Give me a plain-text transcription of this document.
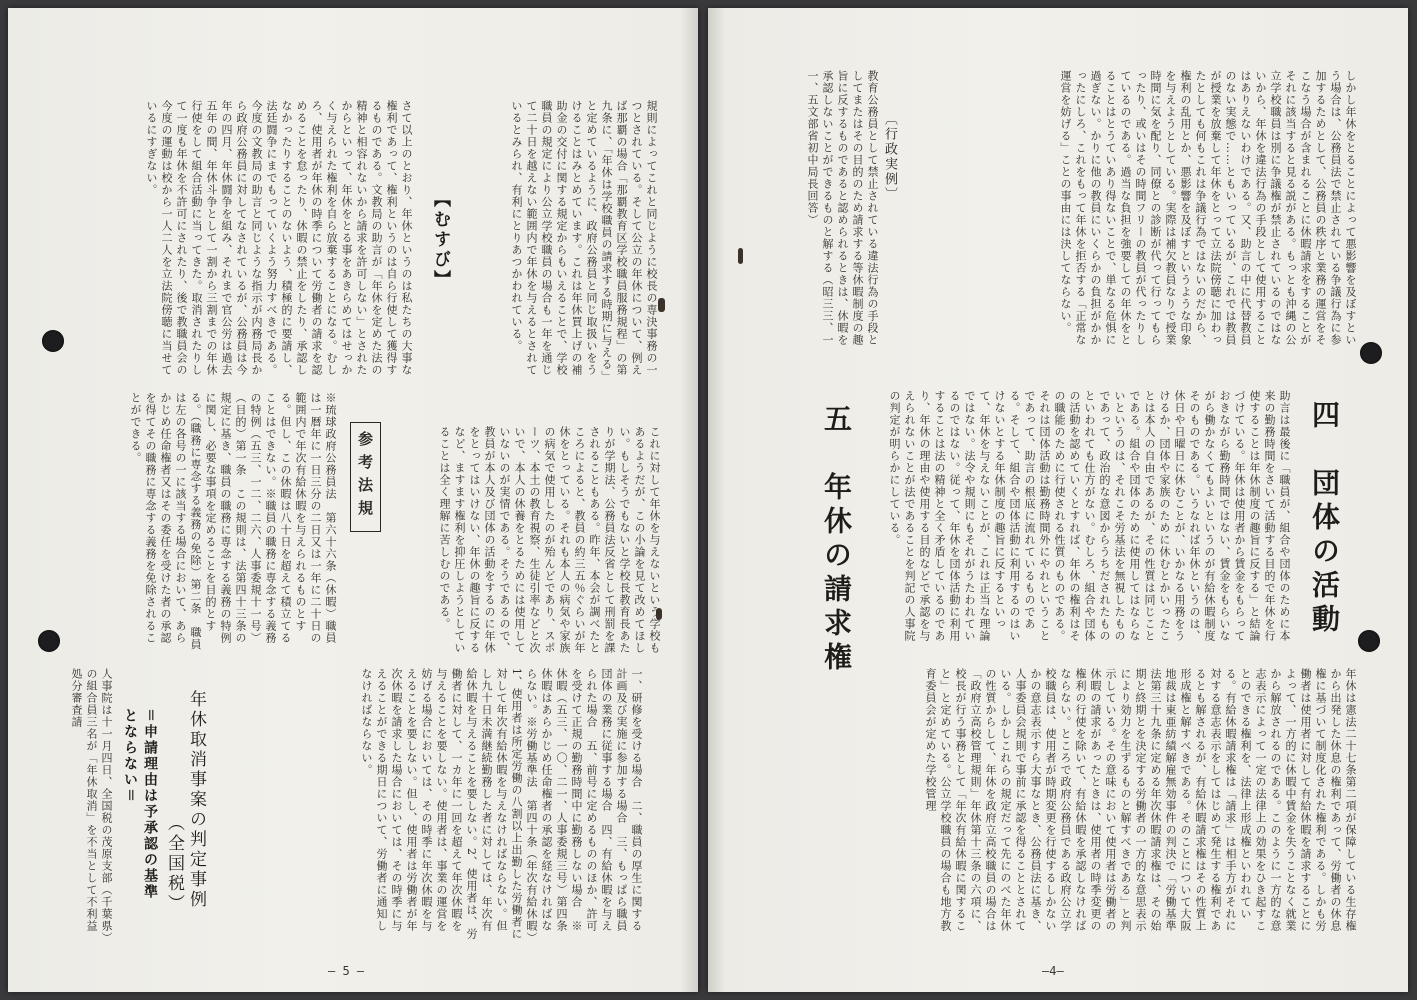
規則によってこれと同じように校長の専決事務の一つとされている。そして公立の年休について、例えば那覇の場合「那覇教育区学校職員服務規程」の第九条に、「年休は学校職員の請求する時期に与える」と定めているように、政府公務員と同じ取扱いをうけることはみとめています。これは年休買上げの補助金の交付に関する規定からもいえることで、学校職員の規定により公立学校職員の場合も一年を通じて二十日を越えない範囲内で年休を与えるとされているとみられ、有利にとりあつかわれている。
【むすび】
さて以上のとおり、年休というのは私たちの大事な権利であって、権利というのは自ら行使して獲得するものである。文教局の助言が「年休を定めた法の精神と相容れないから請求を許可しない」とされたからといって、年休をとる事をあきらめてはせっかく与えられた権利を自ら放棄することになる。むしろ、使用者が年休の時季について労働者の請求を認めることを怠ったり、休暇の禁止をしたり、承認しなかったりすることのないよう、積極的に要請し、法廷闘争にまでもっていくよう努力すべきである。今度の文教局の助言と同じような指示が内務局長から政府公務員に対してなされているが、公務員は今年の四月、年休闘争を組み、それまで官公労は過去五年の間、年休斗争として一割から三割までの年休行使をして組合活動に当ってきた。取消されたりして一度も年休を不許可にされたり、後で教職員会の今度の運動は校から一人二人を立法院傍聴に当せているにすぎない。
これに対して年休を与えないという学校もあるようだが、この小論を見て改めてほしい。もしそうでもないと学校長教育長あたりが学期法、公務員法反省として刑罰を課されることもある。昨年、本会が調べたところによると、教員の約三五％ぐらいが年休をとっている。それも本人の病気や家族の病気で使用したのが殆んどであり、スポーツ、本土の教育視察、生徒引率などと次いで、本人の休養をとるためには使用していないのが実情である。そうであるので、教員が本人及び団体の活動をするのに年休をとってはいけない、年休の趣旨に反するなど、ますます権利を抑圧しようとしていることは全く理解に苦しむのである。
参考法規
※琉球政府公務員法　第六十六条（休暇）職員は一暦年に一日三分の二日又は一年に二十日の範囲内で年次有給休暇を与えられるものとする。但し、この休暇は八十日を超えて積立てることはできない。※職員の職務に専念する義務の特例（五三、一二、二六、人事委規十一号）（目的）第一条　この規則は、法第四十三条の規定に基き、職員の職務に専念する義務の特例に関し、必要な事項を定めることを目的とする。（職務に専念する義務の免除）第二条　職員は左の各号の一に該当する場合において、あらかじめ任命権者又はその委任を受けた者の承認を得てその職務に専念する義務を免除されることができる。
一、研修を受ける場合　二、職員の厚生に関する計画及び実施に参加する場合　三、もっぱら職員団体の業務に従事する場合　四、有給休暇を与えられた場合　五、前号に定めるもののほか、許可を受けて正規の勤務時間中に勤務しない場合　※休暇（五三、一〇、二一、人事委規三号）第四条　休暇はあらかじめ任命権者の承認を経なければならない。※労働基準法　第四十条（年次有給休暇）1、使用者は所定労働の八割以上出勤した労働者に対して年次有給休暇を与えなければならない。但し九十日未満継続勤務した者に対しては、年次有給休暇を与えることを要しない。2、使用者は、労働者に対して、一カ年に一回を超えて年次休暇を与えることを要しない。使用者は、事業の運営を妨げる場合においては、その時季に年次休暇を与えることを要しない。但し、使用者は労働者が年次休暇を請求した場合においては、その時季に与えることができる期日について、労働者に通知しなければならない。
年休取消事案の判定事例
（全国税）
＝申請理由は予承認の基準とならない＝
人事院は十一月四日、全国税の茂原支部（千葉県）の組合員三名が「年休取消」を不当として不利益処分審査請
— 5 —
しかし年休をとることによって悪影響を及ぼすという場合は、公務員法で禁止されている争議行為に参加するためとして、公務員の秩序と業務の運営をそこなう場合が含まれることに休暇請求をすることがそれに該当すると見る説がある。もっとも沖縄の公立学校職員は別に争議権が禁止されているのではないから、年休を違法行為の手段として使用することはありえないわけである。又、助言の中に代替教員のない実態で……ともいっているが、これでは教員が授業を放棄して年休をとって立法院傍聴に加わったとしても何もこれは争議行為ではないのだから、権利の乱用とか、悪影響を及ぼすというような印象を与えようとしている。実際は補欠教員なりで授業時間に気を配り、同僚との診断が代って行ってもらったり、或いはその時間フリーの教員が代ったりしているのである。過当な負担を強要しての年休をとることはとうていあり得ないことで、単なる危惧に過ぎない。かりに他の教員にいくらかの負担がかかったにしろ、これをもって年休を拒否する「正常な運営を妨げる」ことの事由には決してならない。
〔行政実例〕
教育公務員として禁止されている違法行為の手段としてまたはその目的のため請求する等休暇制度の趣旨に反するものであると認められるときは、休暇を承認しないことができるものと解する（昭三三、一一、五文部省初中局長回答）
四　団体の活動
助言は最後に「職員が、組合や団体のために本来の勤務時間をさいて活動する目的で年休を行使することは年休制度の趣旨に反する」と結論づけている。年休は使用者から賃金をもらっておきながら勤務時間ではない、賃金をもらいながら働かなくてもよいというのが有給休暇制度そのものである。いうなれば年休というのは、休日や日曜日に休むことが、いかなる用務をうけるか、団体や家族のために休むとかいったことは本人の自由であるが、その性質は同じことである。組合や団体のために使用してはならないというのは、それこそ労基法を無視したものであって、政治的な意図からうちだされたものといわれても仕方がない。むしろ、組合や団体の活動を認めていくとすれば、年休の権利はその職能のために行使される性質のものである。それは団体活動は勤務時間外にやれということであって、助言の根底に流れているものである。そして、組合や団体活動に利用するのはいけないとする年休制度の趣旨に反するといって、年休を与えないことが、これは正当な理論ではない。法令や規則にもそれがうたわれているのではない。従って、年休を団体活動に利用することは法の精神と全く矛盾しているのであり、年休の理由や使用する目的などで承認を与えられないことが法であることを判記の人事院の判定が明らかにしている。
五　年休の請求権
年休は憲法二十七条第二項が保障している生存権から出発した休息の権利であって、労働者の休息権に基づいて制度化された権利である。しかも労働者は使用者に対して有給休暇を請求することによって、一方的に休暇中賃金を失うことなく就業から解放されるのである。このように一方的な意志表示によって一定の法律上の効果をひき起すことのできる権利を、法律上形成権といわれている。有給休暇請求権は「請求」は相手方がそれに対する意志表示をしてはじめて発生する権利であるとも解されるが、有給休暇請求権はその性質上形成権と解すべきである。そのことについて大阪地裁は東亜紡績解雇無効事件の判決で「労働基準法第三十九条に定める年次休暇請求権は、その始期と終期とを決定する労働者の一方的な意思表示により効力を生ずるものと解すべきである」と判示している。その意味において使用者は労働者の休暇の請求があったときは、使用者の時季変更の権利の行使を除いて、有給休暇を承認しなければならない。ところで政府公務員である政府公立学校職員は、使用者が時期変更を行使するしかないかの意志表示すら大事なとき、公務員法に基き、人事委員会規則で事前に承認を得ることとされている。しかしこれらの規定だって先にのべた年休の性質からして、年休を政府立高校職員の場合は「政府立高校管理規則」年休第十三条の六項に、校長が行う事務として「年次有給休暇に関すること」と定めている。公立学校職員の場合も地方教育委員会が定めた学校管理
—4—
